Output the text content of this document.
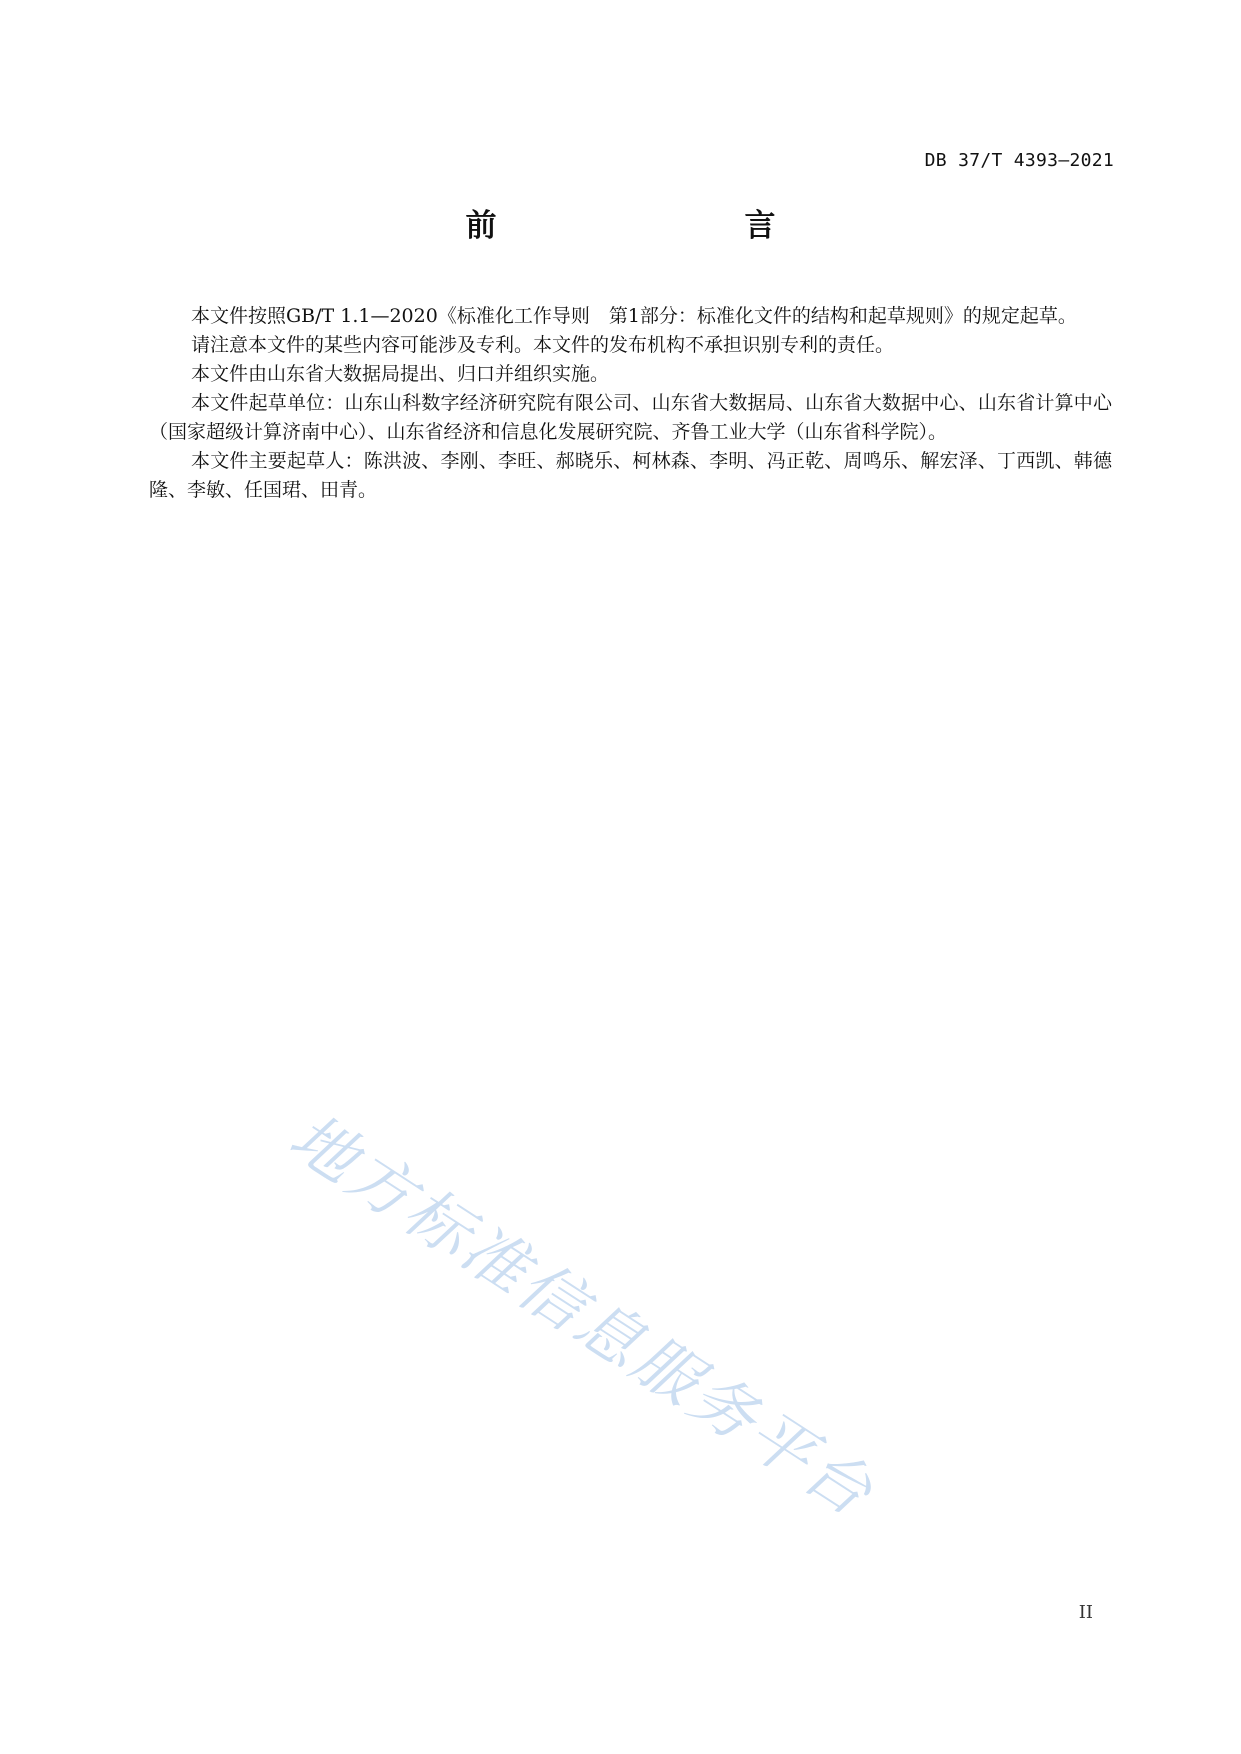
DB 37/T 4393—2021
前　　言

本文件按照GB/T 1.1—2020《标准化工作导则　第1部分：标准化文件的结构和起草规则》的规定起草。

请注意本文件的某些内容可能涉及专利。本文件的发布机构不承担识别专利的责任。

本文件由山东省大数据局提出、归口并组织实施。

本文件起草单位：山东山科数字经济研究院有限公司、山东省大数据局、山东省大数据中心、山东省计算中心（国家超级计算济南中心）、山东省经济和信息化发展研究院、齐鲁工业大学（山东省科学院）。

本文件主要起草人：陈洪波、李刚、李旺、郝晓乐、柯林森、李明、冯正乾、周鸣乐、解宏泽、丁西凯、韩德隆、李敏、任国珺、田青。

地方标准信息服务平台
II
